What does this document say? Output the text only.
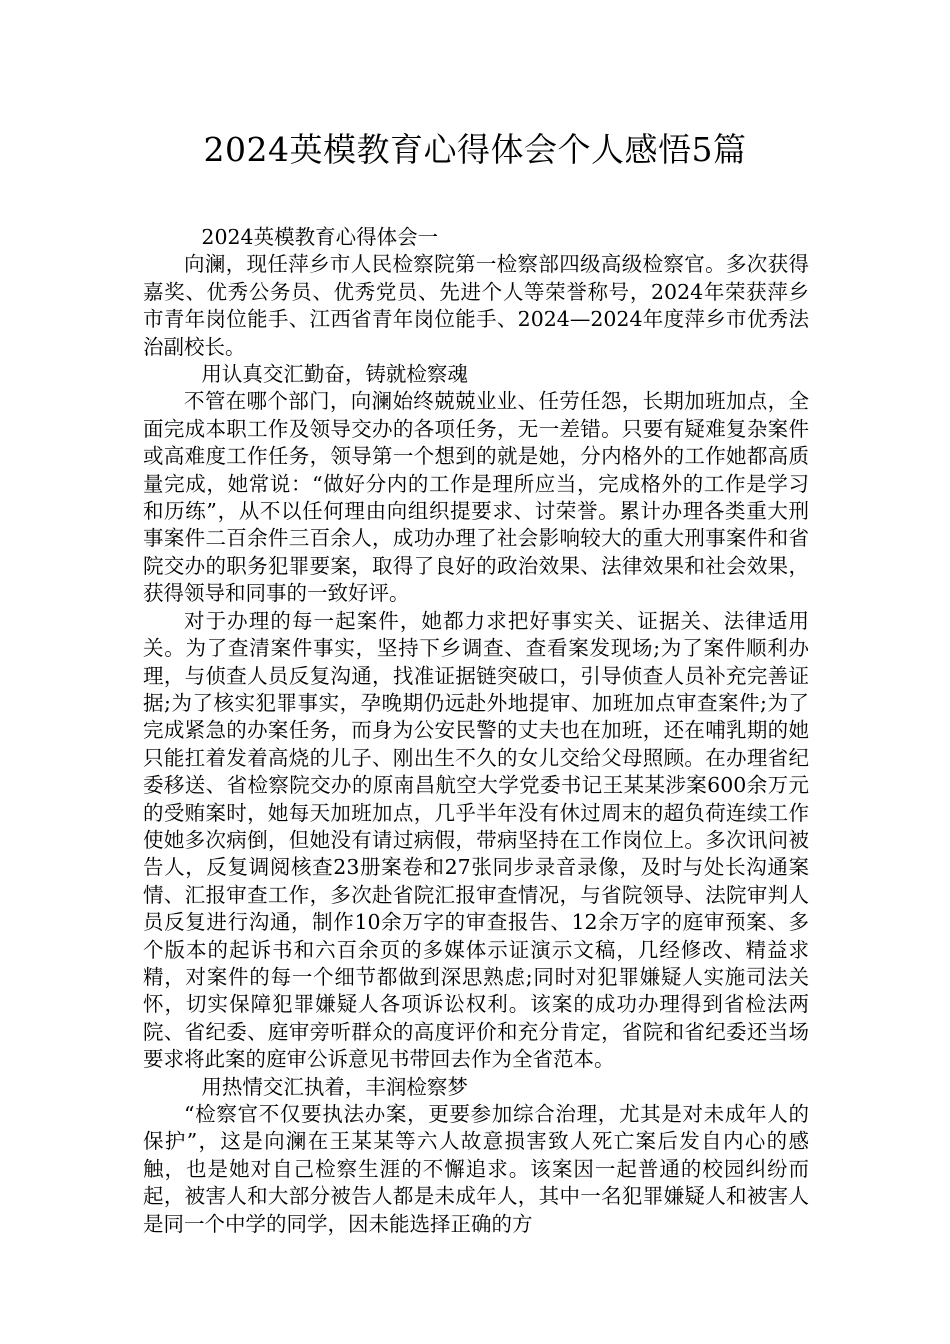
2024英模教育心得体会个人感悟5篇

2024英模教育心得体会一

向澜，现任萍乡市人民检察院第一检察部四级高级检察官。多次获得嘉奖、优秀公务员、优秀党员、先进个人等荣誉称号，2024年荣获萍乡市青年岗位能手、江西省青年岗位能手、2024—2024年度萍乡市优秀法治副校长。

用认真交汇勤奋，铸就检察魂

不管在哪个部门，向澜始终兢兢业业、任劳任怨，长期加班加点，全面完成本职工作及领导交办的各项任务，无一差错。只要有疑难复杂案件或高难度工作任务，领导第一个想到的就是她，分内格外的工作她都高质量完成，她常说：“做好分内的工作是理所应当，完成格外的工作是学习和历练”，从不以任何理由向组织提要求、讨荣誉。累计办理各类重大刑事案件二百余件三百余人，成功办理了社会影响较大的重大刑事案件和省院交办的职务犯罪要案，取得了良好的政治效果、法律效果和社会效果，获得领导和同事的一致好评。

对于办理的每一起案件，她都力求把好事实关、证据关、法律适用关。为了查清案件事实，坚持下乡调查、查看案发现场;为了案件顺利办理，与侦查人员反复沟通，找准证据链突破口，引导侦查人员补充完善证据;为了核实犯罪事实，孕晚期仍远赴外地提审、加班加点审查案件;为了完成紧急的办案任务，而身为公安民警的丈夫也在加班，还在哺乳期的她只能扛着发着高烧的儿子、刚出生不久的女儿交给父母照顾。在办理省纪委移送、省检察院交办的原南昌航空大学党委书记王某某涉案600余万元的受贿案时，她每天加班加点，几乎半年没有休过周末的超负荷连续工作使她多次病倒，但她没有请过病假，带病坚持在工作岗位上。多次讯问被告人，反复调阅核查23册案卷和27张同步录音录像，及时与处长沟通案情、汇报审查工作，多次赴省院汇报审查情况，与省院领导、法院审判人员反复进行沟通，制作10余万字的审查报告、12余万字的庭审预案、多个版本的起诉书和六百余页的多媒体示证演示文稿，几经修改、精益求精，对案件的每一个细节都做到深思熟虑;同时对犯罪嫌疑人实施司法关怀，切实保障犯罪嫌疑人各项诉讼权利。该案的成功办理得到省检法两院、省纪委、庭审旁听群众的高度评价和充分肯定，省院和省纪委还当场要求将此案的庭审公诉意见书带回去作为全省范本。

用热情交汇执着，丰润检察梦

“检察官不仅要执法办案，更要参加综合治理，尤其是对未成年人的保护”，这是向澜在王某某等六人故意损害致人死亡案后发自内心的感触，也是她对自己检察生涯的不懈追求。该案因一起普通的校园纠纷而起，被害人和大部分被告人都是未成年人，其中一名犯罪嫌疑人和被害人是同一个中学的同学，因未能选择正确的方
